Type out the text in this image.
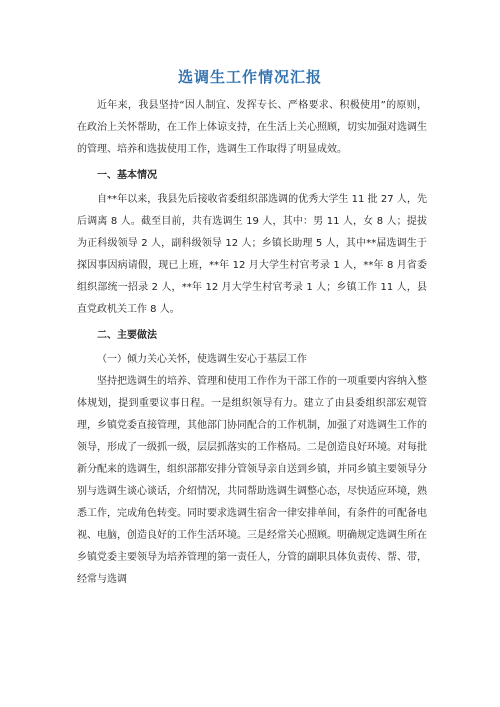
选调生工作情况汇报

近年来，我县坚持“因人制宜、发挥专长、严格要求、积极使用”的原则，在政治上关怀帮助，在工作上体谅支持，在生活上关心照顾，切实加强对选调生的管理、培养和选拔使用工作，选调生工作取得了明显成效。

一、基本情况

自**年以来，我县先后接收省委组织部选调的优秀大学生 11 批 27 人，先后调离 8 人。截至目前，共有选调生 19 人，其中：男 11 人，女 8 人；提拔为正科级领导 2 人，副科级领导 12 人；乡镇长助理 5 人，其中**届选调生于探因事因病请假，现已上班，**年 12 月大学生村官考录 1 人，**年 8 月省委组织部统一招录 2 人，**年 12 月大学生村官考录 1 人；乡镇工作 11 人，县直党政机关工作 8 人。

二、主要做法
（一）倾力关心关怀，使选调生安心于基层工作

坚持把选调生的培养、管理和使用工作作为干部工作的一项重要内容纳入整体规划，提到重要议事日程。一是组织领导有力。建立了由县委组织部宏观管理，乡镇党委直接管理，其他部门协同配合的工作机制，加强了对选调生工作的领导，形成了一级抓一级，层层抓落实的工作格局。二是创造良好环境。对每批新分配来的选调生，组织部都安排分管领导亲自送到乡镇，并同乡镇主要领导分别与选调生谈心谈话，介绍情况，共同帮助选调生调整心态，尽快适应环境，熟悉工作，完成角色转变。同时要求选调生宿舍一律安排单间，有条件的可配备电视、电脑，创造良好的工作生活环境。三是经常关心照顾。明确规定选调生所在乡镇党委主要领导为培养管理的第一责任人，分管的副职具体负责传、帮、带，经常与选调
